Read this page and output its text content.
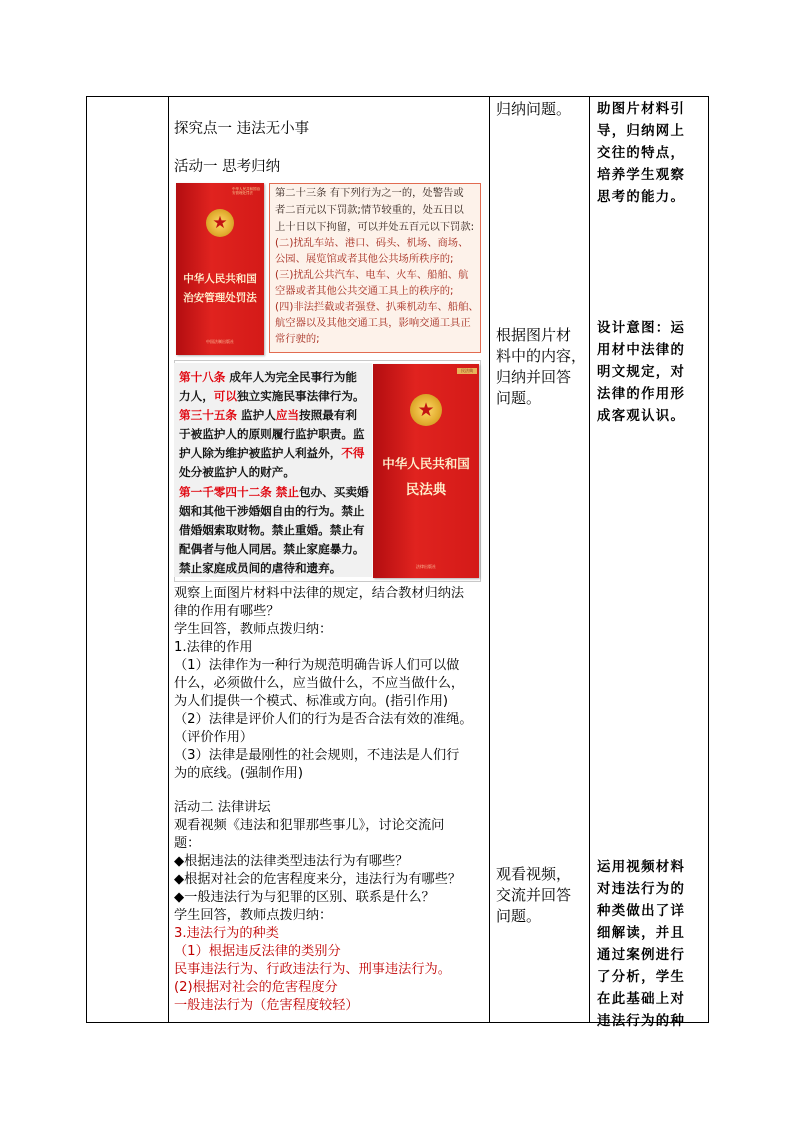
探究点一 违法无小事
活动一 思考归纳
中华人民共和国治安管理处罚法
★
中华人民共和国
治安管理处罚法
中国法制出版社
第二十三条 有下列行为之一的，处警告或
者二百元以下罚款;情节较重的，处五日以
上十日以下拘留，可以并处五百元以下罚款:
(二)扰乱车站、港口、码头、机场、商场、
公园、展览馆或者其他公共场所秩序的;
(三)扰乱公共汽车、电车、火车、船舶、航
空器或者其他公共交通工具上的秩序的;
(四)非法拦截或者强登、扒乘机动车、船舶、
航空器以及其他交通工具，影响交通工具正
常行驶的;
第十八条 成年人为完全民事行为能
力人，可以独立实施民事法律行为。
第三十五条 监护人应当按照最有利
于被监护人的原则履行监护职责。监
护人除为维护被监护人利益外，不得
处分被监护人的财产。
第一千零四十二条 禁止包办、买卖婚
姻和其他干涉婚姻自由的行为。禁止
借婚姻索取财物。禁止重婚。禁止有
配偶者与他人同居。禁止家庭暴力。
禁止家庭成员间的虐待和遗弃。
民法典
★
中华人民共和国
民法典
法律出版社
观察上面图片材料中法律的规定，结合教材归纳法
律的作用有哪些？
学生回答，教师点拨归纳：
1.法律的作用
（1）法律作为一种行为规范明确告诉人们可以做
什么，必须做什么，应当做什么，不应当做什么，
为人们提供一个模式、标准或方向。(指引作用)
（2）法律是评价人们的行为是否合法有效的准绳。
（评价作用）
（3）法律是最刚性的社会规则，不违法是人们行
为的底线。(强制作用)
活动二 法律讲坛
观看视频《违法和犯罪那些事儿》，讨论交流问
题：
◆根据违法的法律类型违法行为有哪些？
◆根据对社会的危害程度来分，违法行为有哪些？
◆一般违法行为与犯罪的区别、联系是什么？
学生回答，教师点拨归纳：
3.违法行为的种类
（1）根据违反法律的类别分
民事违法行为、行政违法行为、刑事违法行为。
(2)根据对社会的危害程度分
一般违法行为（危害程度较轻）
归纳问题。
根据图片材
料中的内容，
归纳并回答
问题。
观看视频，
交流并回答
问题。
助图片材料引
导，归纳网上
交往的特点，
培养学生观察
思考的能力。
设计意图：运
用材中法律的
明文规定，对
法律的作用形
成客观认识。
运用视频材料
对违法行为的
种类做出了详
细解读，并且
通过案例进行
了分析，学生
在此基础上对
违法行为的种
